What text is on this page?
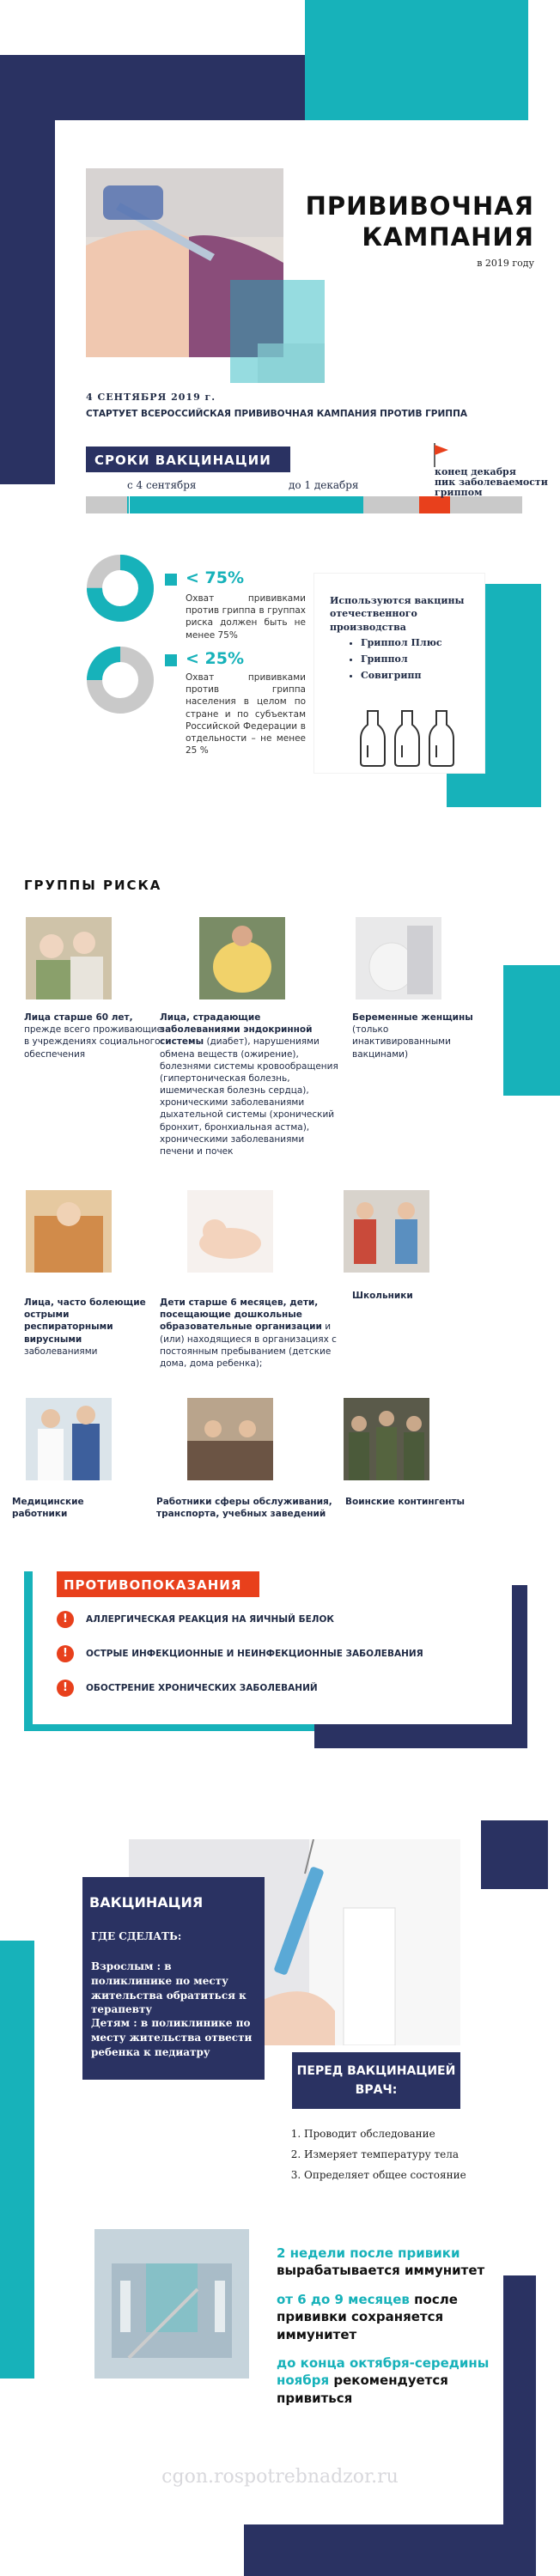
ПРИВИВОЧНАЯ
КАМПАНИЯ
в 2019 году
4 СЕНТЯБРЯ 2019 г.
СТАРТУЕТ ВСЕРОССИЙСКАЯ ПРИВИВОЧНАЯ КАМПАНИЯ ПРОТИВ ГРИППА
СРОКИ ВАКЦИНАЦИИ
с 4 сентября	до 1 декабря
конец декабря
пик заболеваемости
гриппом
< 75%
Охват прививками против гриппа в группах риска должен быть не менее 75%
< 25%
Охват прививками против гриппа населения в целом по стране и по субъектам Российской Федерации в отдельности – не менее 25 %
Используются вакцины отечественного производства
• Гриппол Плюс
• Гриппол
• Совигрипп
ГРУППЫ РИСКА
Лица старше 60 лет, прежде всего проживающие в учреждениях социального обеспечения
Лица, страдающие заболеваниями эндокринной системы (диабет), нарушениями обмена веществ (ожирение), болезнями системы кровообращения (гипертоническая болезнь, ишемическая болезнь сердца), хроническими заболеваниями дыхательной системы (хронический бронхит, бронхиальная астма), хроническими заболеваниями печени и почек
Беременные женщины (только инактивированными вакцинами)
Лица, часто болеющие острыми респираторными вирусными заболеваниями
Дети старше 6 месяцев, дети, посещающие дошкольные образовательные организации и (или) находящиеся в организациях с постоянным пребыванием (детские дома, дома ребенка);
Школьники
Медицинские работники
Работники сферы обслуживания, транспорта, учебных заведений
Воинские контингенты
ПРОТИВОПОКАЗАНИЯ
!	АЛЛЕРГИЧЕСКАЯ РЕАКЦИЯ НА ЯИЧНЫЙ БЕЛОК
!	ОСТРЫЕ ИНФЕКЦИОННЫЕ И НЕИНФЕКЦИОННЫЕ ЗАБОЛЕВАНИЯ
!	ОБОСТРЕНИЕ ХРОНИЧЕСКИХ ЗАБОЛЕВАНИЙ
ВАКЦИНАЦИЯ
ГДЕ СДЕЛАТЬ:
Взрослым : в поликлинике по месту жительства обратиться к терапевту
Детям : в поликлинике по месту жительства отвести ребенка к педиатру
ПЕРЕД ВАКЦИНАЦИЕЙ
ВРАЧ:
1. Проводит обследование
2. Измеряет температуру тела
3. Определяет общее состояние
2 недели после привики вырабатывается иммунитет
от 6 до 9 месяцев после прививки сохраняется иммунитет
до конца октября-середины ноября рекомендуется привиться
cgon.rospotrebnadzor.ru
